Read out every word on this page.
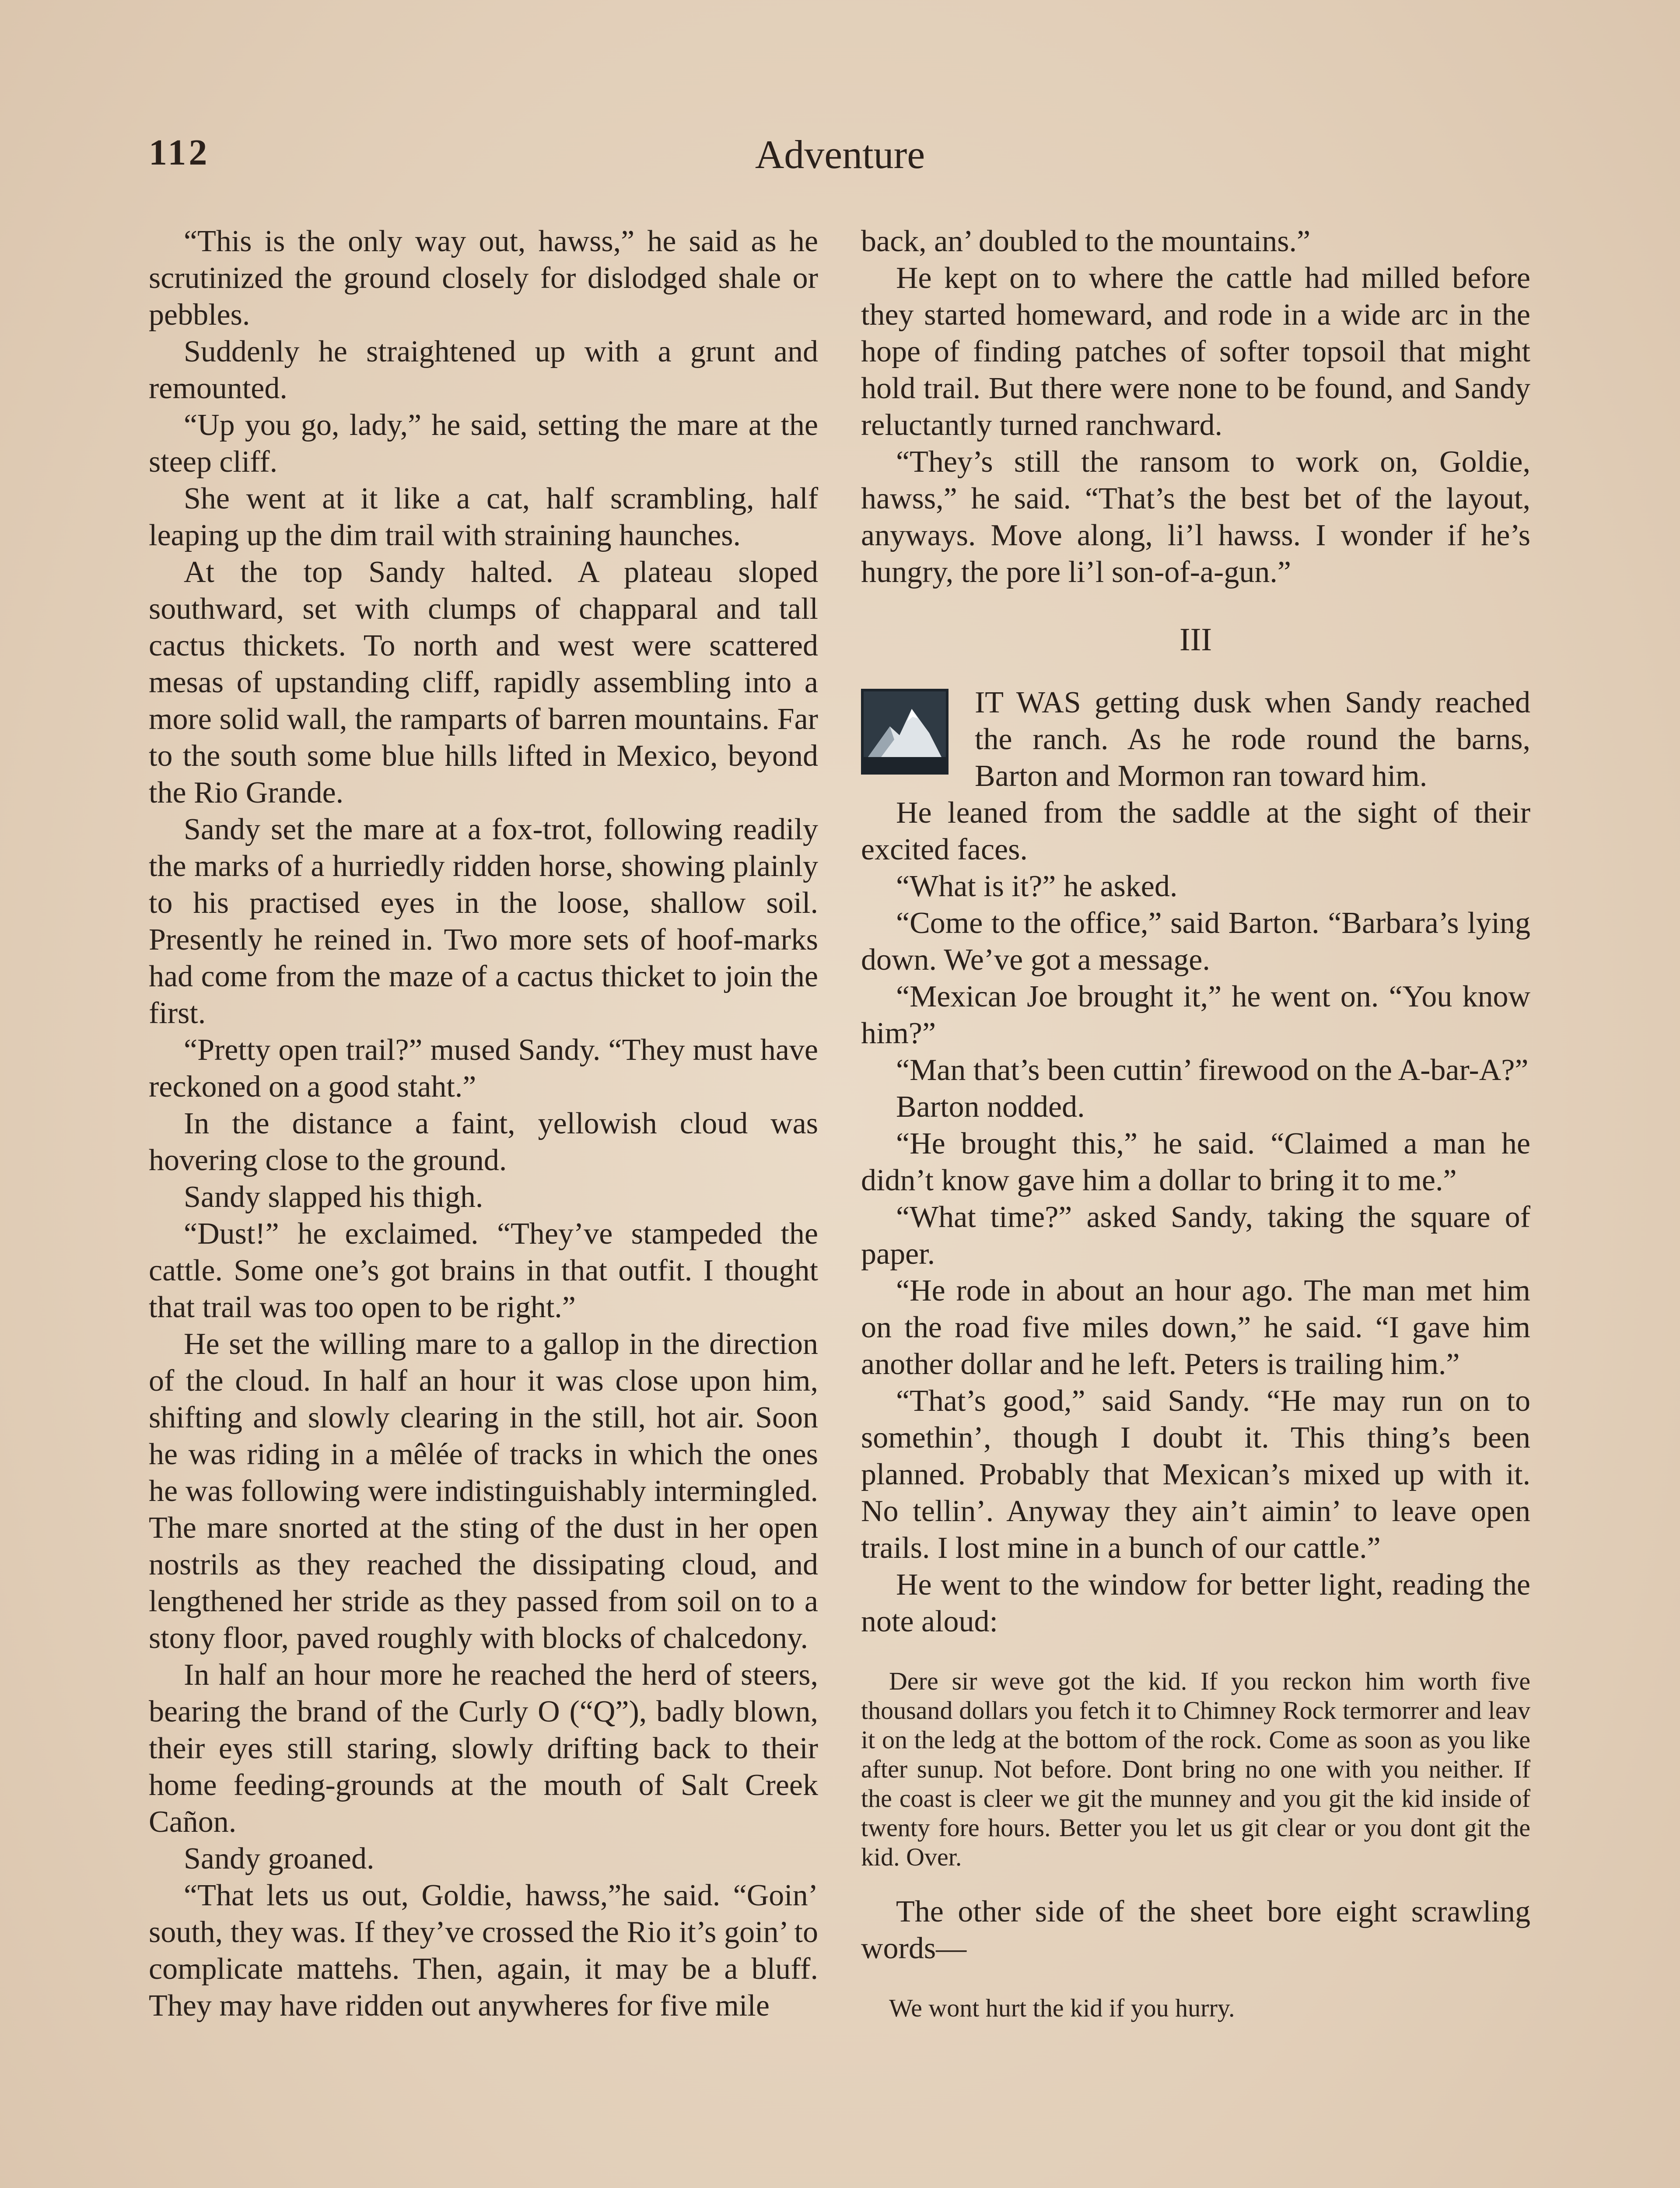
112	Adventure

“This is the only way out, hawss,” he said as he scrutinized the ground closely for dislodged shale or pebbles.

Suddenly he straightened up with a grunt and remounted.

“Up you go, lady,” he said, setting the mare at the steep cliff.

She went at it like a cat, half scrambling, half leaping up the dim trail with straining haunches.

At the top Sandy halted. A plateau sloped southward, set with clumps of chapparal and tall cactus thickets. To north and west were scattered mesas of upstanding cliff, rapidly assembling into a more solid wall, the ramparts of barren mountains. Far to the south some blue hills lifted in Mexico, beyond the Rio Grande.

Sandy set the mare at a fox-trot, following readily the marks of a hurriedly ridden horse, showing plainly to his practised eyes in the loose, shallow soil. Presently he reined in. Two more sets of hoof-marks had come from the maze of a cactus thicket to join the first.

“Pretty open trail?” mused Sandy. “They must have reckoned on a good staht.”

In the distance a faint, yellowish cloud was hovering close to the ground.

Sandy slapped his thigh.

“Dust!” he exclaimed. “They’ve stampeded the cattle. Some one’s got brains in that outfit. I thought that trail was too open to be right.”

He set the willing mare to a gallop in the direction of the cloud. In half an hour it was close upon him, shifting and slowly clearing in the still, hot air. Soon he was riding in a mêlée of tracks in which the ones he was following were indistinguishably intermingled. The mare snorted at the sting of the dust in her open nostrils as they reached the dissipating cloud, and lengthened her stride as they passed from soil on to a stony floor, paved roughly with blocks of chalcedony.

In half an hour more he reached the herd of steers, bearing the brand of the Curly O (“Q”), badly blown, their eyes still staring, slowly drifting back to their home feeding-grounds at the mouth of Salt Creek Cañon.

Sandy groaned.

“That lets us out, Goldie, hawss,”he said. “Goin’ south, they was. If they’ve crossed the Rio it’s goin’ to complicate mattehs. Then, again, it may be a bluff. They may have ridden out anywheres for five mile

back, an’ doubled to the mountains.”

He kept on to where the cattle had milled before they started homeward, and rode in a wide arc in the hope of finding patches of softer topsoil that might hold trail. But there were none to be found, and Sandy reluctantly turned ranchward.

“They’s still the ransom to work on, Goldie, hawss,” he said. “That’s the best bet of the layout, anyways. Move along, li’l hawss. I wonder if he’s hungry, the pore li’l son-of-a-gun.”

III

IT WAS getting dusk when Sandy reached the ranch. As he rode round the barns, Barton and Mormon ran toward him.

He leaned from the saddle at the sight of their excited faces.

“What is it?” he asked.

“Come to the office,” said Barton. “Barbara’s lying down. We’ve got a message.

“Mexican Joe brought it,” he went on. “You know him?”

“Man that’s been cuttin’ firewood on the A-bar-A?”

Barton nodded.

“He brought this,” he said. “Claimed a man he didn’t know gave him a dollar to bring it to me.”

“What time?” asked Sandy, taking the square of paper.

“He rode in about an hour ago. The man met him on the road five miles down,” he said. “I gave him another dollar and he left. Peters is trailing him.”

“That’s good,” said Sandy. “He may run on to somethin’, though I doubt it. This thing’s been planned. Probably that Mexican’s mixed up with it. No tellin’. Anyway they ain’t aimin’ to leave open trails. I lost mine in a bunch of our cattle.”

He went to the window for better light, reading the note aloud:

Dere sir weve got the kid. If you reckon him worth five thousand dollars you fetch it to Chimney Rock termorrer and leav it on the ledg at the bottom of the rock. Come as soon as you like after sunup. Not before. Dont bring no one with you neither. If the coast is cleer we git the munney and you git the kid inside of twenty fore hours. Better you let us git clear or you dont git the kid. Over.

The other side of the sheet bore eight scrawling words—

We wont hurt the kid if you hurry.
